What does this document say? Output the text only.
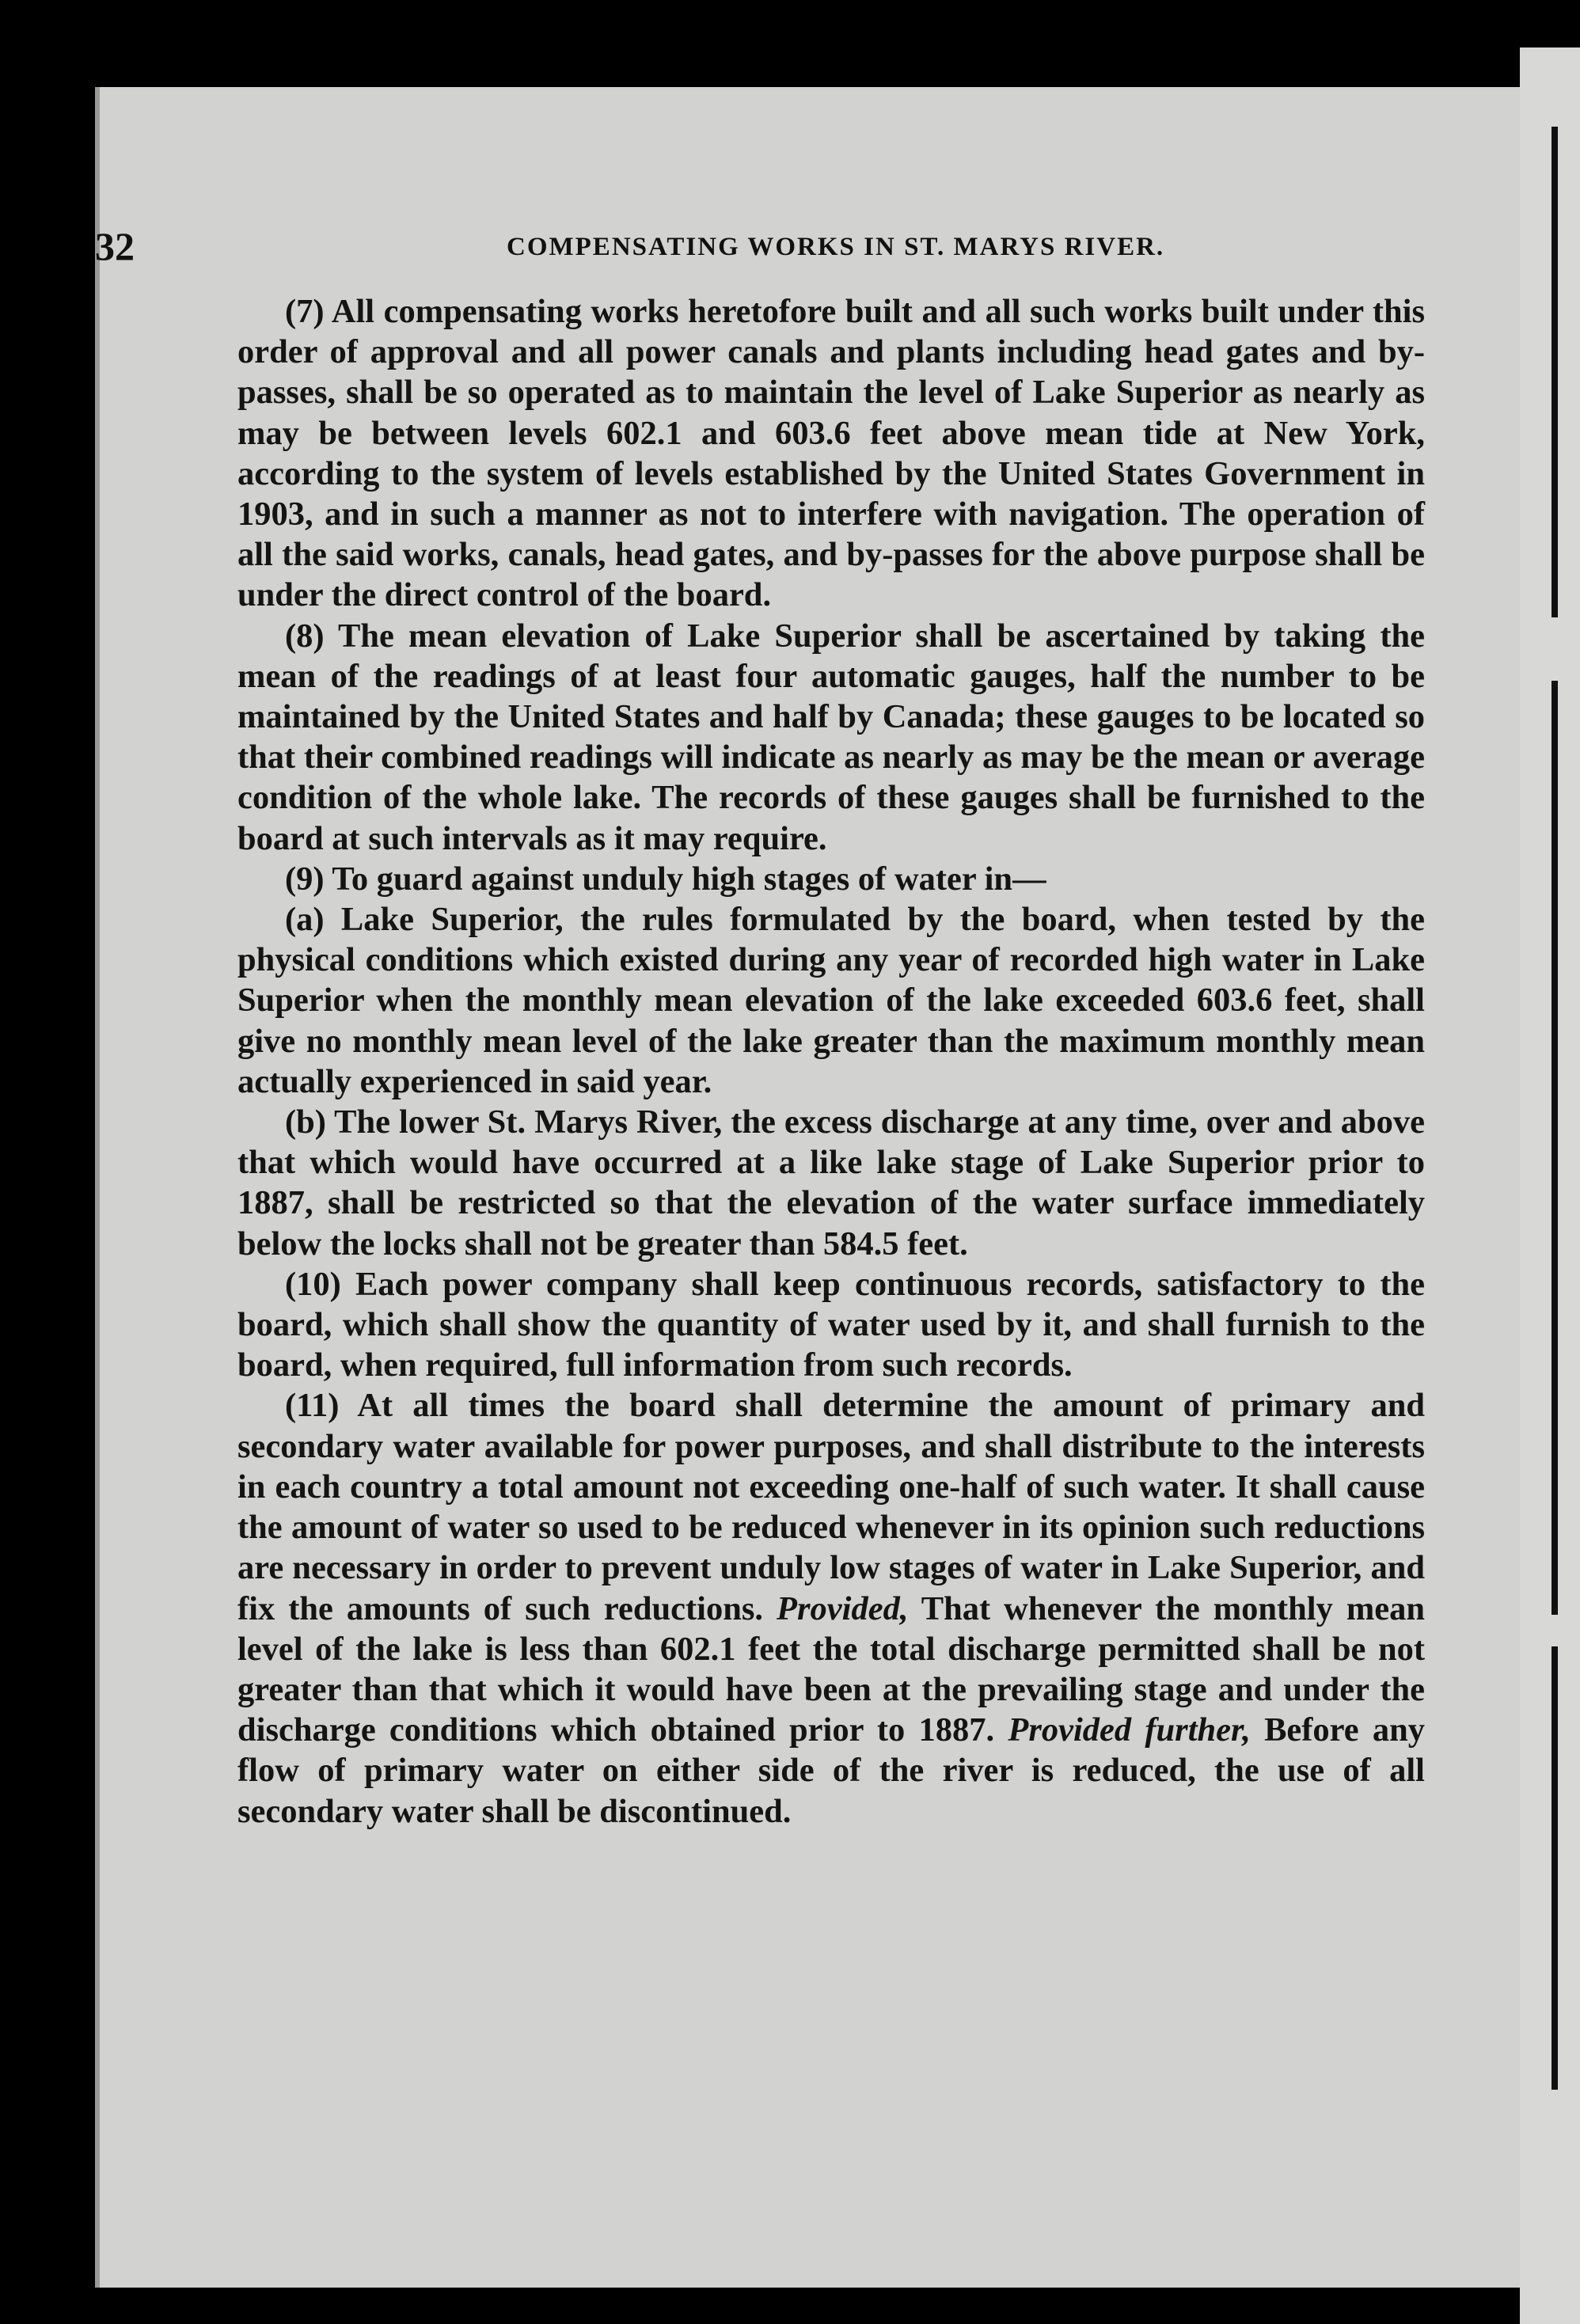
32	COMPENSATING WORKS IN ST. MARYS RIVER.

(7) All compensating works heretofore built and all such works built under this order of approval and all power canals and plants including head gates and by-passes, shall be so operated as to maintain the level of Lake Superior as nearly as may be between levels 602.1 and 603.6 feet above mean tide at New York, according to the system of levels established by the United States Government in 1903, and in such a manner as not to interfere with navigation. The operation of all the said works, canals, head gates, and by-passes for the above purpose shall be under the direct control of the board.

(8) The mean elevation of Lake Superior shall be ascertained by taking the mean of the readings of at least four automatic gauges, half the number to be maintained by the United States and half by Canada; these gauges to be located so that their combined readings will indicate as nearly as may be the mean or average condition of the whole lake. The records of these gauges shall be furnished to the board at such intervals as it may require.

(9) To guard against unduly high stages of water in—

(a) Lake Superior, the rules formulated by the board, when tested by the physical conditions which existed during any year of recorded high water in Lake Superior when the monthly mean elevation of the lake exceeded 603.6 feet, shall give no monthly mean level of the lake greater than the maximum monthly mean actually experienced in said year.

(b) The lower St. Marys River, the excess discharge at any time, over and above that which would have occurred at a like lake stage of Lake Superior prior to 1887, shall be restricted so that the elevation of the water surface immediately below the locks shall not be greater than 584.5 feet.

(10) Each power company shall keep continuous records, satisfactory to the board, which shall show the quantity of water used by it, and shall furnish to the board, when required, full information from such records.

(11) At all times the board shall determine the amount of primary and secondary water available for power purposes, and shall distribute to the interests in each country a total amount not exceeding one-half of such water. It shall cause the amount of water so used to be reduced whenever in its opinion such reductions are necessary in order to prevent unduly low stages of water in Lake Superior, and fix the amounts of such reductions. Provided, That whenever the monthly mean level of the lake is less than 602.1 feet the total discharge permitted shall be not greater than that which it would have been at the prevailing stage and under the discharge conditions which obtained prior to 1887. Provided further, Before any flow of primary water on either side of the river is reduced, the use of all secondary water shall be discontinued.
